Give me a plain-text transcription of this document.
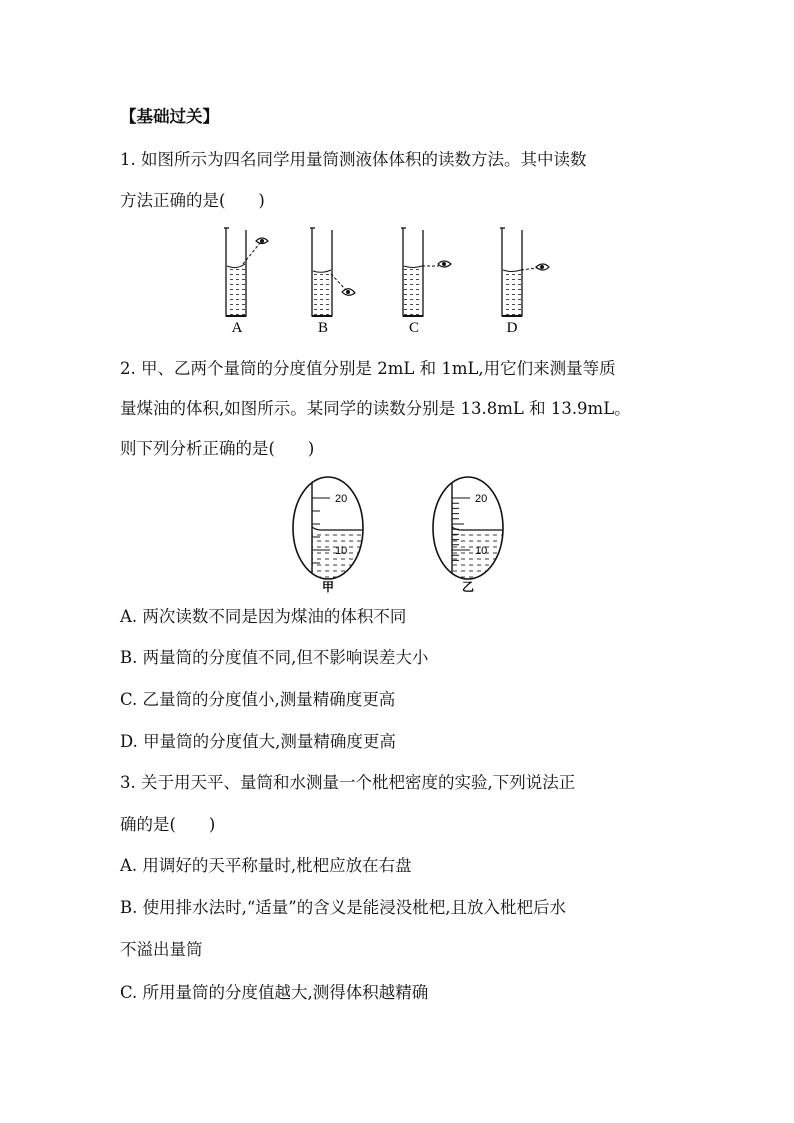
【基础过关】
1. 如图所示为四名同学用量筒测液体体积的读数方法。其中读数
方法正确的是(　　)
A	B	C	D
2. 甲、乙两个量筒的分度值分别是 2mL 和 1mL,用它们来测量等质
量煤油的体积,如图所示。某同学的读数分别是 13.8mL 和 13.9mL。
则下列分析正确的是(　　)
20
10
甲
20
10
乙
A. 两次读数不同是因为煤油的体积不同
B. 两量筒的分度值不同,但不影响误差大小
C. 乙量筒的分度值小,测量精确度更高
D. 甲量筒的分度值大,测量精确度更高
3. 关于用天平、量筒和水测量一个枇杷密度的实验,下列说法正
确的是(　　)
A. 用调好的天平称量时,枇杷应放在右盘
B. 使用排水法时,“适量”的含义是能浸没枇杷,且放入枇杷后水
不溢出量筒
C. 所用量筒的分度值越大,测得体积越精确
